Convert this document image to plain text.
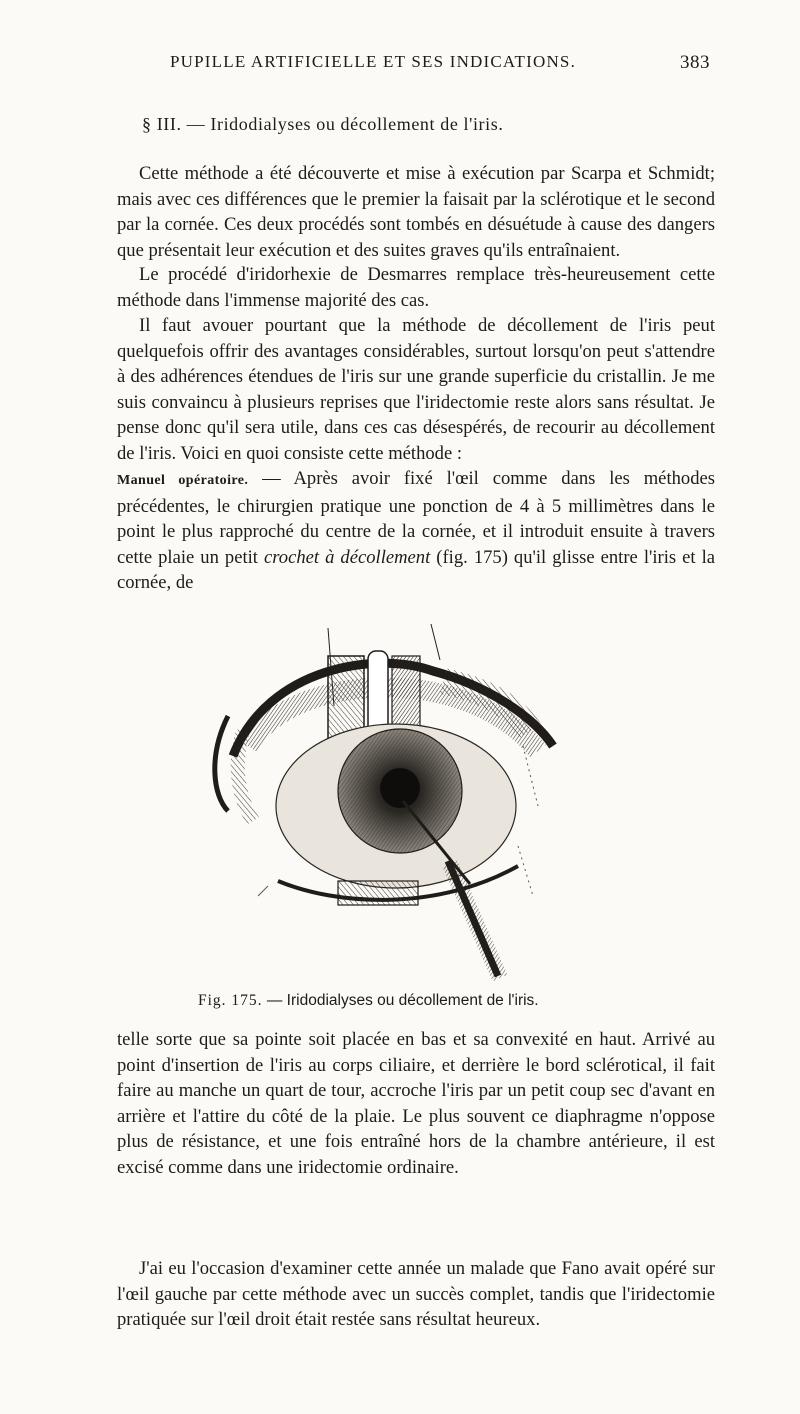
PUPILLE ARTIFICIELLE ET SES INDICATIONS.	383
§ III. — Iridodialyses ou décollement de l'iris.

Cette méthode a été découverte et mise à exécution par Scarpa et Schmidt; mais avec ces différences que le premier la faisait par la sclérotique et le second par la cornée. Ces deux procédés sont tombés en désuétude à cause des dangers que présentait leur exécution et des suites graves qu'ils entraînaient.

Le procédé d'iridorhexie de Desmarres remplace très-heureusement cette méthode dans l'immense majorité des cas.

Il faut avouer pourtant que la méthode de décollement de l'iris peut quelquefois offrir des avantages considérables, surtout lorsqu'on peut s'attendre à des adhérences étendues de l'iris sur une grande superficie du cristallin. Je me suis convaincu à plusieurs reprises que l'iridectomie reste alors sans résultat. Je pense donc qu'il sera utile, dans ces cas désespérés, de recourir au décollement de l'iris. Voici en quoi consiste cette méthode :

Manuel opératoire. — Après avoir fixé l'œil comme dans les méthodes précédentes, le chirurgien pratique une ponction de 4 à 5 millimètres dans le point le plus rapproché du centre de la cornée, et il introduit ensuite à travers cette plaie un petit crochet à décollement (fig. 175) qu'il glisse entre l'iris et la cornée, de

Fig. 175. — Iridodialyses ou décollement de l'iris.

telle sorte que sa pointe soit placée en bas et sa convexité en haut. Arrivé au point d'insertion de l'iris au corps ciliaire, et derrière le bord sclérotical, il fait faire au manche un quart de tour, accroche l'iris par un petit coup sec d'avant en arrière et l'attire du côté de la plaie. Le plus souvent ce diaphragme n'oppose plus de résistance, et une fois entraîné hors de la chambre antérieure, il est excisé comme dans une iridectomie ordinaire.

J'ai eu l'occasion d'examiner cette année un malade que Fano avait opéré sur l'œil gauche par cette méthode avec un succès complet, tandis que l'iridectomie pratiquée sur l'œil droit était restée sans résultat heureux.
